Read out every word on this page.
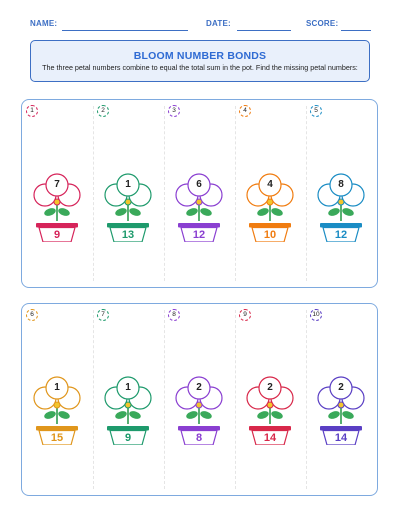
NAME:	DATE:	SCORE:
BLOOM NUMBER BONDS
The three petal numbers combine to equal the total sum in the pot. Find the missing petal numbers:
1
7
9
2
1
13
3
6
12
4
4
10
5
8
12
6
1
15
7
1
9
8
2
8
9
2
14
10
2
14
